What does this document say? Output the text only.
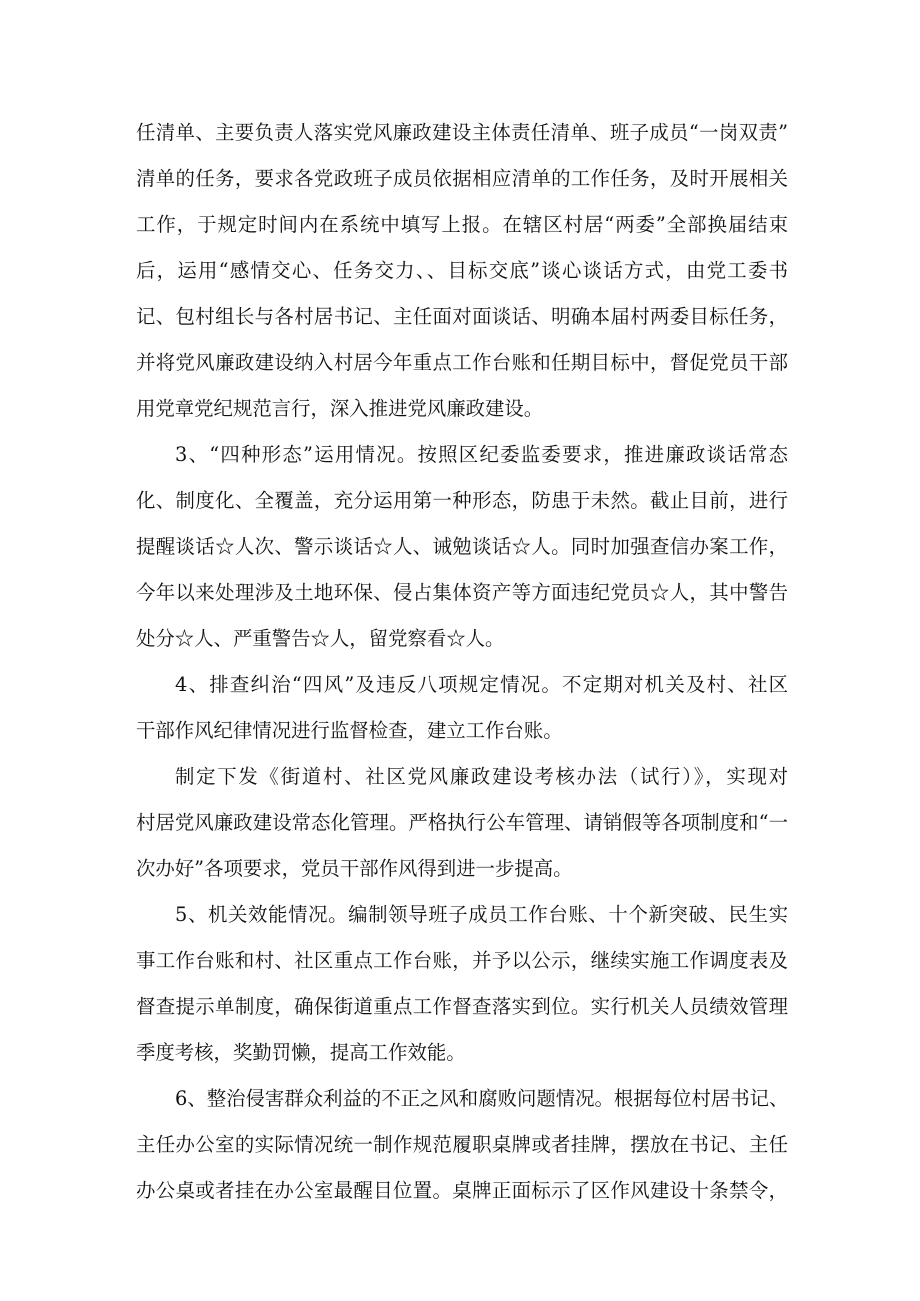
任清单、主要负责人落实党风廉政建设主体责任清单、班子成员“一岗双责”
清单的任务，要求各党政班子成员依据相应清单的工作任务，及时开展相关
工作，于规定时间内在系统中填写上报。在辖区村居“两委”全部换届结束
后，运用“感情交心、任务交力、、目标交底”谈心谈话方式，由党工委书
记、包村组长与各村居书记、主任面对面谈话、明确本届村两委目标任务，
并将党风廉政建设纳入村居今年重点工作台账和任期目标中，督促党员干部
用党章党纪规范言行，深入推进党风廉政建设。
3、“四种形态”运用情况。按照区纪委监委要求，推进廉政谈话常态
化、制度化、全覆盖，充分运用第一种形态，防患于未然。截止目前，进行
提醒谈话☆人次、警示谈话☆人、诫勉谈话☆人。同时加强查信办案工作，
今年以来处理涉及土地环保、侵占集体资产等方面违纪党员☆人，其中警告
处分☆人、严重警告☆人，留党察看☆人。
4、排查纠治“四风”及违反八项规定情况。不定期对机关及村、社区
干部作风纪律情况进行监督检查，建立工作台账。
制定下发《街道村、社区党风廉政建设考核办法（试行）》，实现对
村居党风廉政建设常态化管理。严格执行公车管理、请销假等各项制度和“一
次办好”各项要求，党员干部作风得到进一步提高。
5、机关效能情况。编制领导班子成员工作台账、十个新突破、民生实
事工作台账和村、社区重点工作台账，并予以公示，继续实施工作调度表及
督查提示单制度，确保街道重点工作督查落实到位。实行机关人员绩效管理
季度考核，奖勤罚懒，提高工作效能。
6、整治侵害群众利益的不正之风和腐败问题情况。根据每位村居书记、
主任办公室的实际情况统一制作规范履职桌牌或者挂牌，摆放在书记、主任
办公桌或者挂在办公室最醒目位置。桌牌正面标示了区作风建设十条禁令，
